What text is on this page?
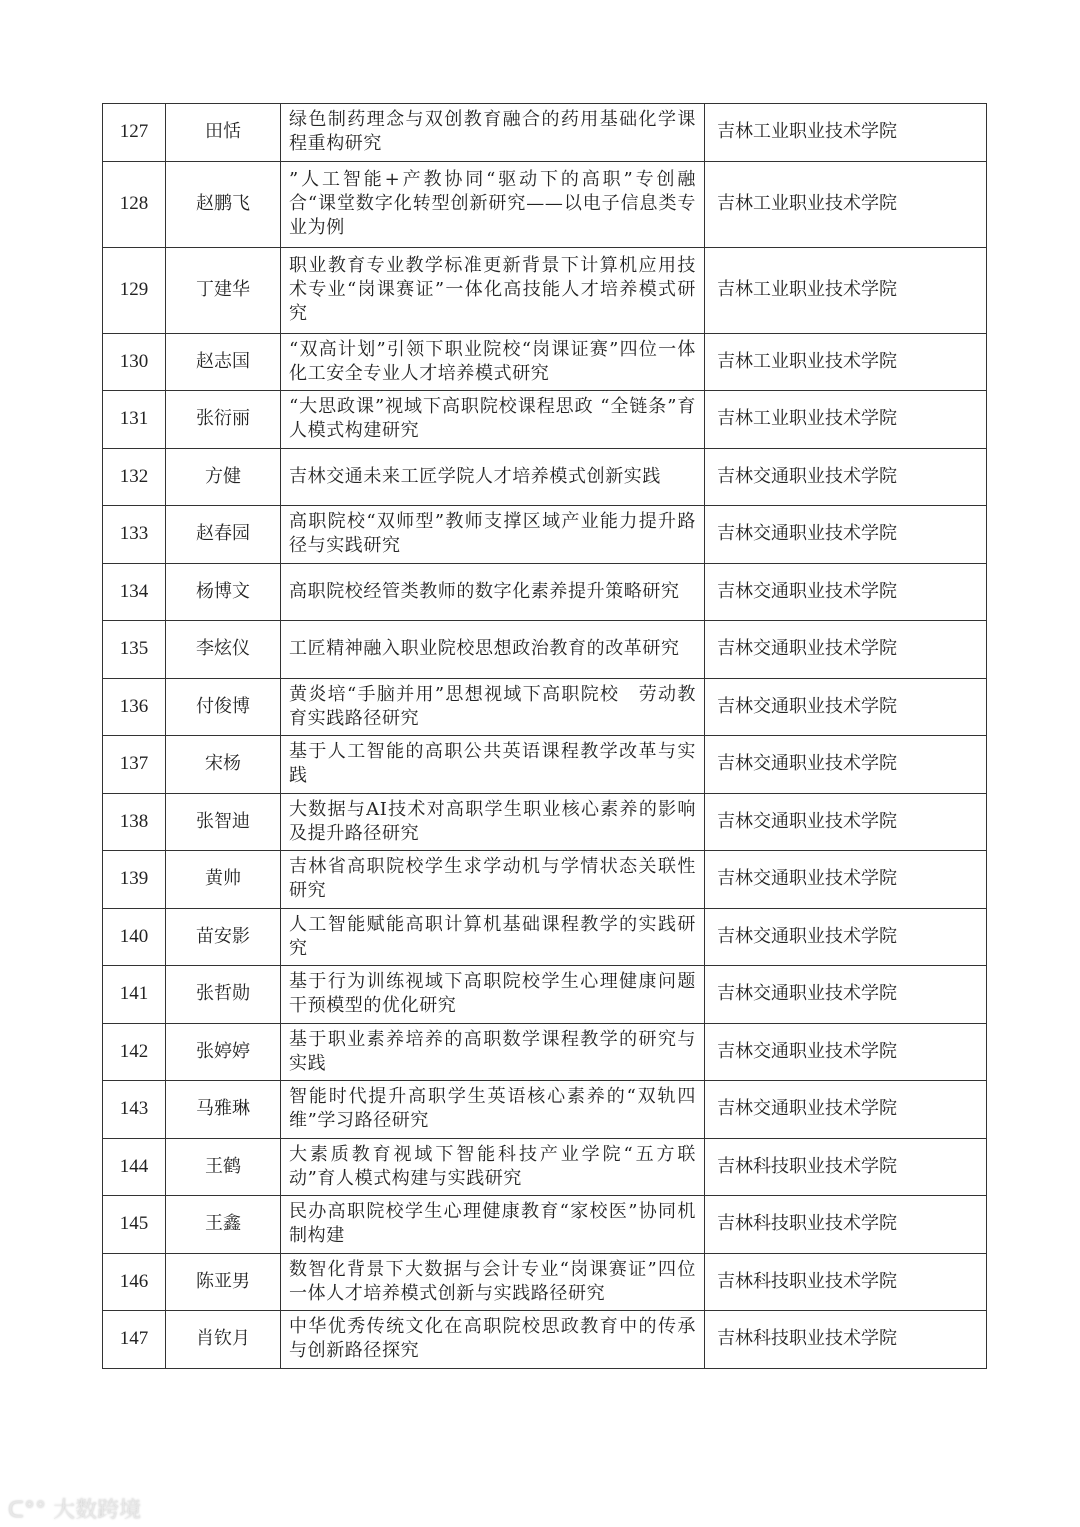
127	田恬	绿色制药理念与双创教育融合的药用基础化学课程重构研究	吉林工业职业技术学院
128	赵鹏飞	”人工智能+产教协同“驱动下的高职”专创融合“课堂数字化转型创新研究——以电子信息类专业为例	吉林工业职业技术学院
129	丁建华	职业教育专业教学标准更新背景下计算机应用技术专业“岗课赛证”一体化高技能人才培养模式研究	吉林工业职业技术学院
130	赵志国	“双高计划”引领下职业院校“岗课证赛”四位一体化工安全专业人才培养模式研究	吉林工业职业技术学院
131	张衍丽	“大思政课”视域下高职院校课程思政 “全链条”育人模式构建研究	吉林工业职业技术学院
132	方健	吉林交通未来工匠学院人才培养模式创新实践	吉林交通职业技术学院
133	赵春园	高职院校“双师型”教师支撑区域产业能力提升路径与实践研究	吉林交通职业技术学院
134	杨博文	高职院校经管类教师的数字化素养提升策略研究	吉林交通职业技术学院
135	李炫仪	工匠精神融入职业院校思想政治教育的改革研究	吉林交通职业技术学院
136	付俊博	黄炎培“手脑并用”思想视域下高职院校　劳动教育实践路径研究	吉林交通职业技术学院
137	宋杨	基于人工智能的高职公共英语课程教学改革与实践	吉林交通职业技术学院
138	张智迪	大数据与AI技术对高职学生职业核心素养的影响及提升路径研究	吉林交通职业技术学院
139	黄帅	吉林省高职院校学生求学动机与学情状态关联性研究	吉林交通职业技术学院
140	苗安影	人工智能赋能高职计算机基础课程教学的实践研究	吉林交通职业技术学院
141	张哲勋	基于行为训练视域下高职院校学生心理健康问题干预模型的优化研究	吉林交通职业技术学院
142	张婷婷	基于职业素养培养的高职数学课程教学的研究与实践	吉林交通职业技术学院
143	马雅琳	智能时代提升高职学生英语核心素养的“双轨四维”学习路径研究	吉林交通职业技术学院
144	王鹤	大素质教育视域下智能科技产业学院“五方联动”育人模式构建与实践研究	吉林科技职业技术学院
145	王鑫	民办高职院校学生心理健康教育“家校医”协同机制构建	吉林科技职业技术学院
146	陈亚男	数智化背景下大数据与会计专业“岗课赛证”四位一体人才培养模式创新与实践路径研究	吉林科技职业技术学院
147	肖钦月	中华优秀传统文化在高职院校思政教育中的传承与创新路径探究	吉林科技职业技术学院
ᑕ°° 大数跨境
